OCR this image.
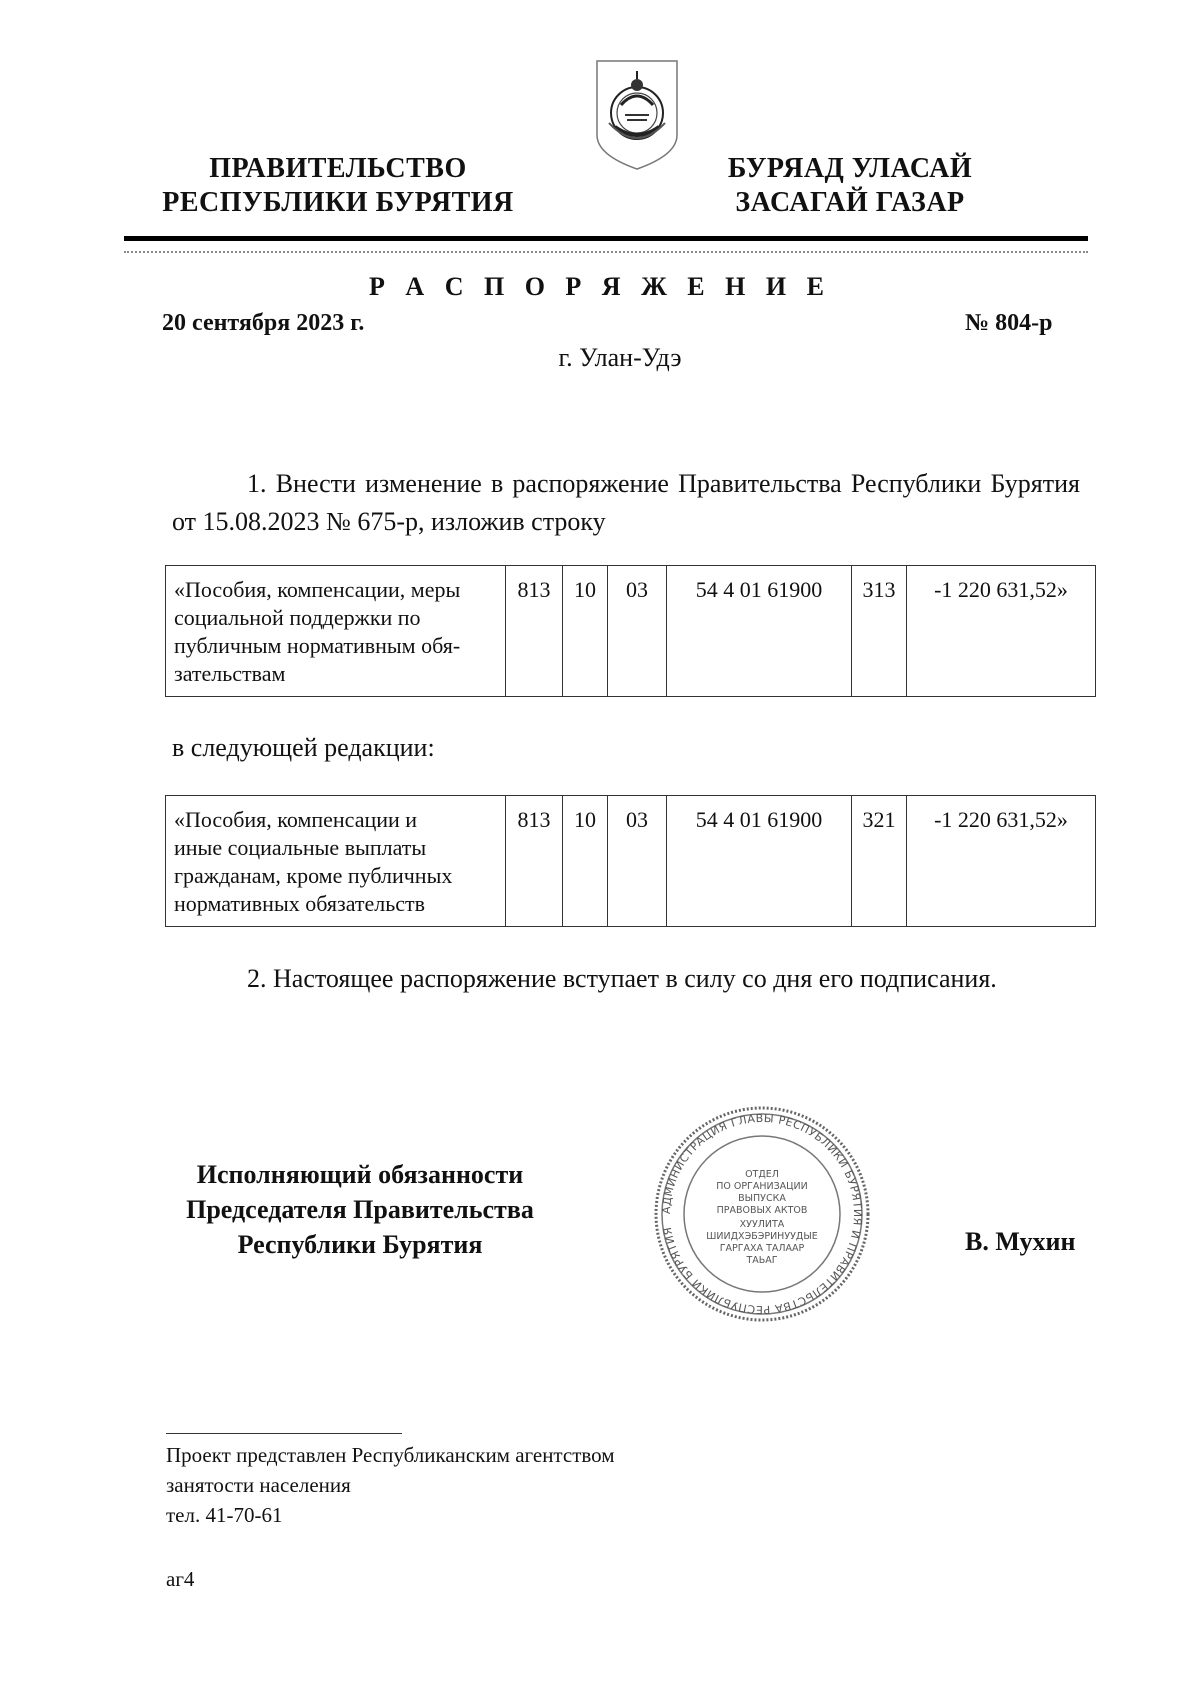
ПРАВИТЕЛЬСТВО
РЕСПУБЛИКИ БУРЯТИЯ
БУРЯАД УЛАСАЙ
ЗАСАГАЙ ГАЗАР
Р А С П О Р Я Ж Е Н И Е
20 сентября 2023 г.	№ 804-р
г. Улан-Удэ
1. Внести изменение в распоряжение Правительства Республики Бурятия от 15.08.2023 № 675-р, изложив строку
«Пособия, компенсации, меры
социальной поддержки по
публичным нормативным обя-
зательствам
	813	10	03	54 4 01 61900	313	-1 220 631,52»
в следующей редакции:
«Пособия, компенсации и
иные социальные выплаты
гражданам, кроме публичных
нормативных обязательств
	813	10	03	54 4 01 61900	321	-1 220 631,52»
2. Настоящее распоряжение вступает в силу со дня его подписания.
Исполняющий обязанности
Председателя Правительства
Республики Бурятия
АДМИНИСТРАЦИЯ ГЛАВЫ РЕСПУБЛИКИ БУРЯТИЯ И ПРАВИТЕЛЬСТВА РЕСПУБЛИКИ БУРЯТИЯ
ОТДЕЛ
ПО ОРГАНИЗАЦИИ
ВЫПУСКА
ПРАВОВЫХ АКТОВ
ХУУЛИТА
ШИИДХЭБЭРИНУУДЫЕ
ГАРГАХА ТАЛААР
ТАЬАГ
В. Мухин
Проект представлен Республиканским агентством
занятости населения
тел. 41-70-61
аг4
